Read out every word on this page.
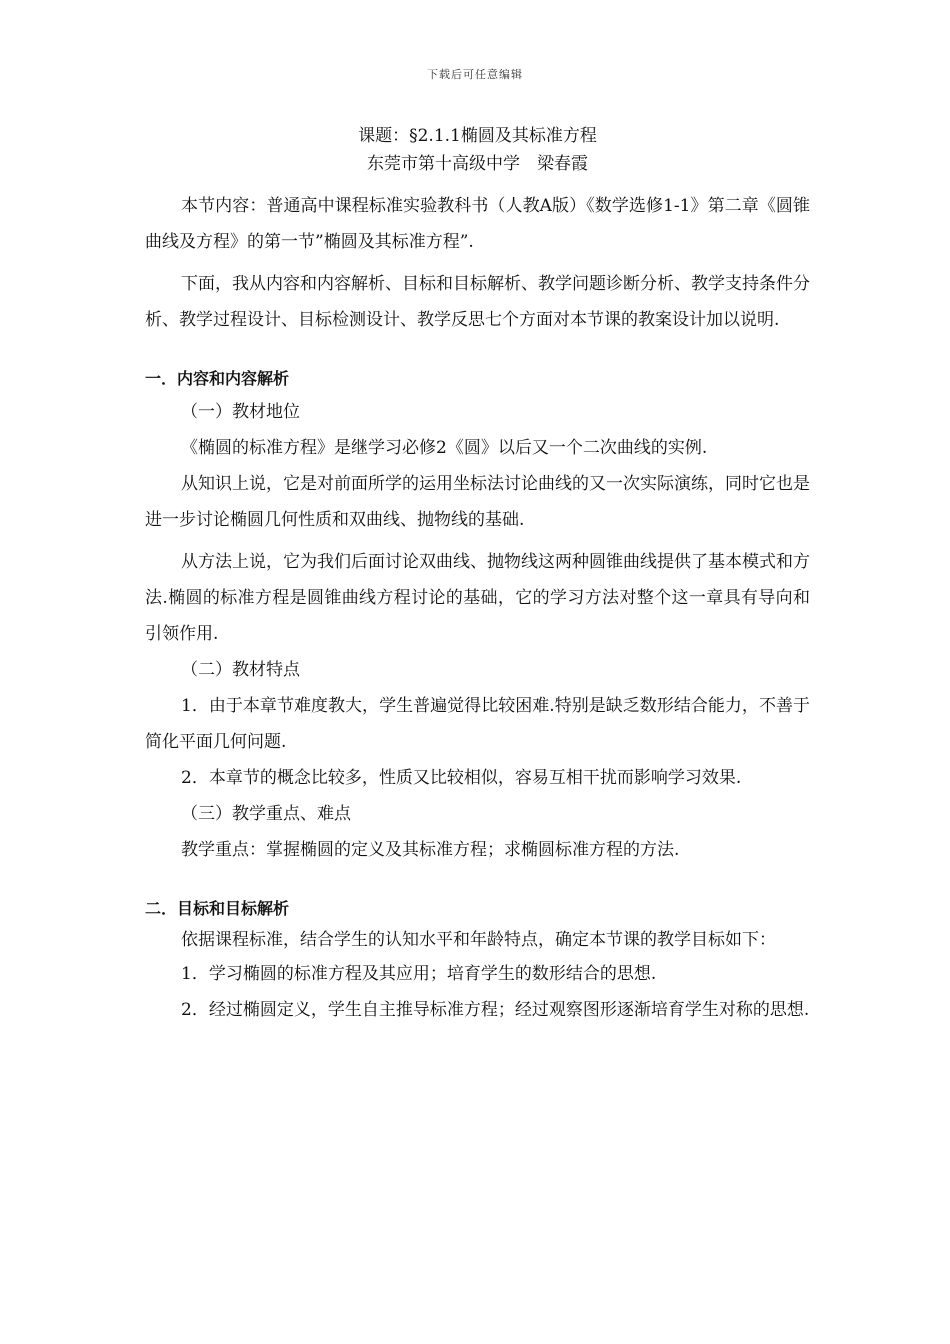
下载后可任意编辑

课题：§2.1.1椭圆及其标准方程

东莞市第十高级中学　梁春霞

本节内容：普通高中课程标准实验教科书（人教A版）《数学选修1-1》第二章《圆锥曲线及方程》的第一节”椭圆及其标准方程”.

下面，我从内容和内容解析、目标和目标解析、教学问题诊断分析、教学支持条件分析、教学过程设计、目标检测设计、教学反思七个方面对本节课的教案设计加以说明.

一．内容和内容解析

（一）教材地位

《椭圆的标准方程》是继学习必修2《圆》以后又一个二次曲线的实例.

从知识上说，它是对前面所学的运用坐标法讨论曲线的又一次实际演练，同时它也是进一步讨论椭圆几何性质和双曲线、抛物线的基础.

从方法上说，它为我们后面讨论双曲线、抛物线这两种圆锥曲线提供了基本模式和方法.椭圆的标准方程是圆锥曲线方程讨论的基础，它的学习方法对整个这一章具有导向和引领作用.

（二）教材特点

1．由于本章节难度教大，学生普遍觉得比较困难.特别是缺乏数形结合能力，不善于简化平面几何问题.

2．本章节的概念比较多，性质又比较相似，容易互相干扰而影响学习效果.

（三）教学重点、难点

教学重点：掌握椭圆的定义及其标准方程；求椭圆标准方程的方法.

二．目标和目标解析

依据课程标准，结合学生的认知水平和年龄特点，确定本节课的教学目标如下：

1．学习椭圆的标准方程及其应用；培育学生的数形结合的思想.

2．经过椭圆定义，学生自主推导标准方程；经过观察图形逐渐培育学生对称的思想.
